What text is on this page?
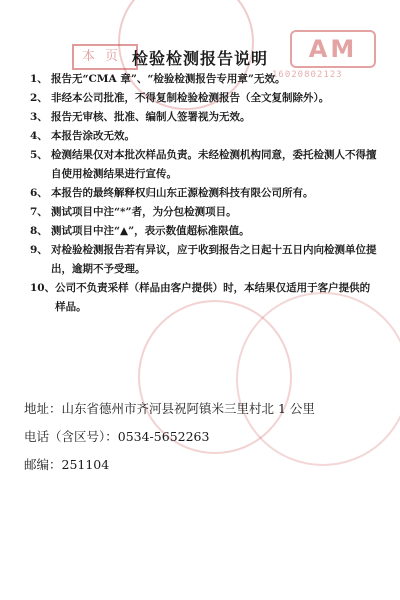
本页	AM
16020802123
检验检测报告说明
1、 报告无“CMA 章”、“检验检测报告专用章”无效。
2、 非经本公司批准，不得复制检验检测报告（全文复制除外）。
3、 报告无审核、批准、编制人签署视为无效。
4、 本报告涂改无效。
5、 检测结果仅对本批次样品负责。未经检测机构同意，委托检测人不得擅自使用检测结果进行宣传。
6、 本报告的最终解释权归山东正源检测科技有限公司所有。
7、 测试项目中注“*”者，为分包检测项目。
8、 测试项目中注“▲”，表示数值超标准限值。
9、 对检验检测报告若有异议，应于收到报告之日起十五日内向检测单位提出，逾期不予受理。
10、 公司不负责采样（样品由客户提供）时，本结果仅适用于客户提供的样品。
地址：山东省德州市齐河县祝阿镇米三里村北 1 公里
电话（含区号）：0534-5652263
邮编：251104
